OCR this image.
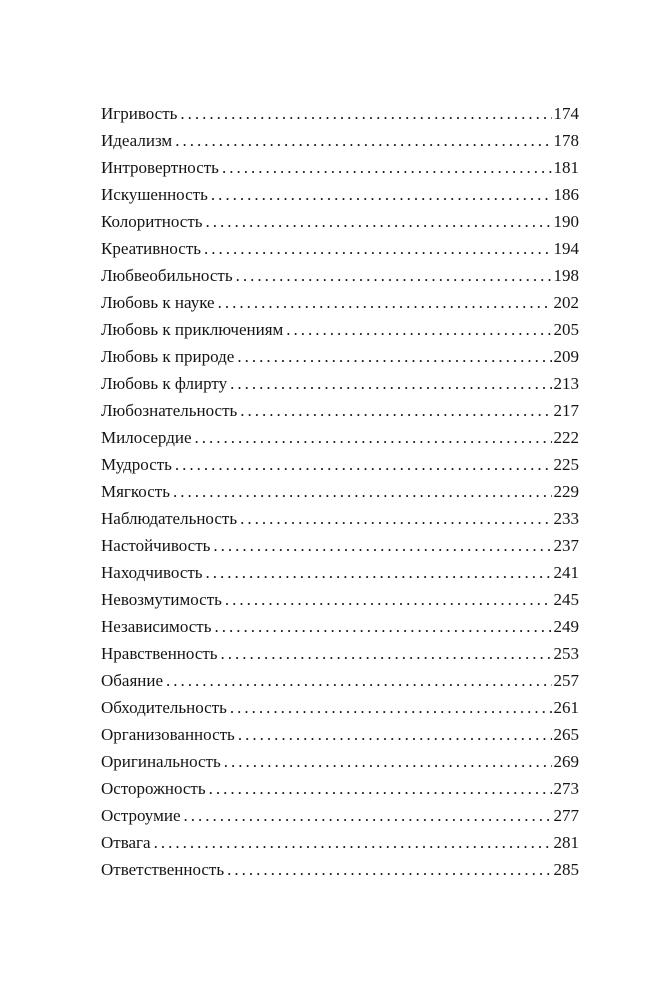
Игривость .....	174
Идеализм .....	178
Интровертность .....	181
Искушенность .....	186
Колоритность .....	190
Креативность .....	194
Любвеобильность .....	198
Любовь к науке .....	202
Любовь к приключениям .....	205
Любовь к природе .....	209
Любовь к флирту .....	213
Любознательность .....	217
Милосердие .....	222
Мудрость .....	225
Мягкость .....	229
Наблюдательность .....	233
Настойчивость .....	237
Находчивость .....	241
Невозмутимость .....	245
Независимость .....	249
Нравственность .....	253
Обаяние .....	257
Обходительность .....	261
Организованность .....	265
Оригинальность .....	269
Осторожность .....	273
Остроумие .....	277
Отвага .....	281
Ответственность .....	285
